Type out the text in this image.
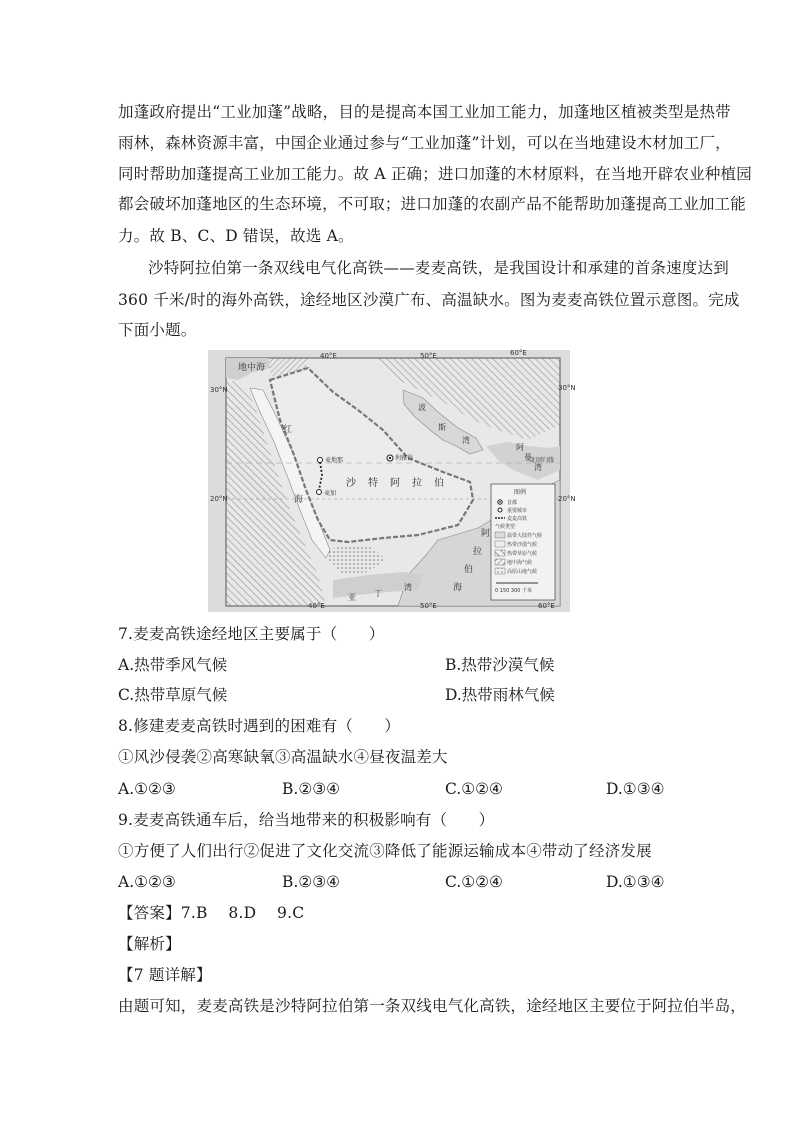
加蓬政府提出“工业加蓬”战略，目的是提高本国工业加工能力，加蓬地区植被类型是热带
雨林，森林资源丰富，中国企业通过参与“工业加蓬”计划，可以在当地建设木材加工厂，
同时帮助加蓬提高工业加工能力。故 A 正确；进口加蓬的木材原料，在当地开辟农业种植园
都会破坏加蓬地区的生态环境，不可取；进口加蓬的农副产品不能帮助加蓬提高工业加工能
力。故 B、C、D 错误，故选 A。
沙特阿拉伯第一条双线电气化高铁——麦麦高铁，是我国设计和承建的首条速度达到
360 千米/时的海外高铁，途经地区沙漠广布、高温缺水。图为麦麦高铁位置示意图。完成
下面小题。
40°E	50°E	60°E
40°E	50°E	60°E
30°N
20°N
30°N
20°N
地中海
红
海
波
斯
湾
阿
曼
湾
阿
拉
伯
海
亚 丁
湾
北回归线
沙 特 阿 拉 伯
麦地那
麦加
利雅得
图例
首都
重要城市
麦麦高铁
气候类型
温带大陆性气候
热带沙漠气候
热带草原气候
地中海气候
高原山地气候
0 150 300 千米
7.麦麦高铁途经地区主要属于（　　）
A.热带季风气候	B.热带沙漠气候
C.热带草原气候	D.热带雨林气候
8.修建麦麦高铁时遇到的困难有（　　）
①风沙侵袭②高寒缺氧③高温缺水④昼夜温差大
A.①②③	B.②③④	C.①②④	D.①③④
9.麦麦高铁通车后，给当地带来的积极影响有（　　）
①方便了人们出行②促进了文化交流③降低了能源运输成本④带动了经济发展
A.①②③	B.②③④	C.①②④	D.①③④
【答案】7.B　 8.D　 9.C
【解析】
【7 题详解】
由题可知，麦麦高铁是沙特阿拉伯第一条双线电气化高铁，途经地区主要位于阿拉伯半岛，
